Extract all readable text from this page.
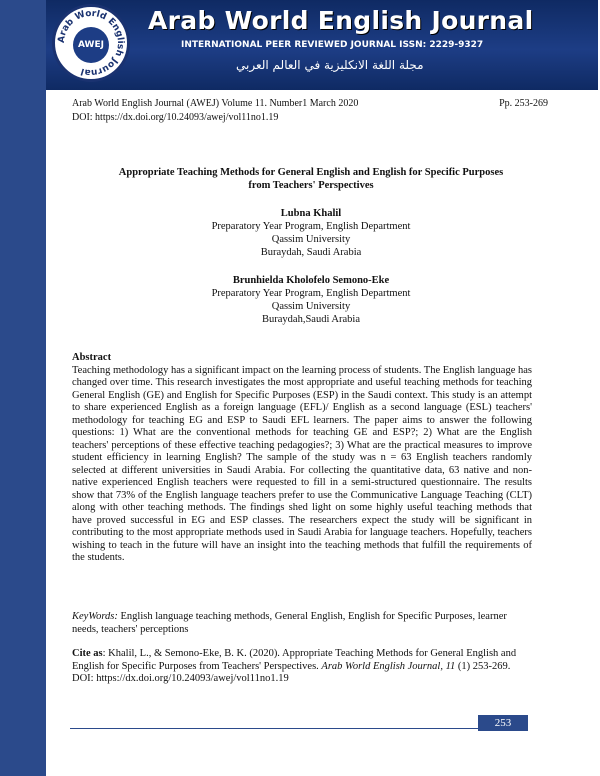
Arab World English Journal
AWEJ
Arab World English Journal
INTERNATIONAL PEER REVIEWED JOURNAL ISSN: 2229-9327
مجلة اللغة الانكليزية في العالم العربي
Arab World English Journal (AWEJ) Volume 11. Number1 March 2020	Pp. 253-269
DOI: https://dx.doi.org/10.24093/awej/vol11no1.19
Appropriate Teaching Methods for General English and English for Specific Purposes
from Teachers' Perspectives
Lubna Khalil
Preparatory Year Program, English Department
Qassim University
Buraydah, Saudi Arabia
Brunhielda Kholofelo Semono-Eke
Preparatory Year Program, English Department
Qassim University
Buraydah,Saudi Arabia
Abstract
Teaching methodology has a significant impact on the learning process of students. The English language has changed over time. This research investigates the most appropriate and useful teaching methods for teaching General English (GE) and English for Specific Purposes (ESP) in the Saudi context. This study is an attempt to share experienced English as a foreign language (EFL)/ English as a second language (ESL) teachers' methodology for teaching EG and ESP to Saudi EFL learners. The paper aims to answer the following questions: 1) What are the conventional methods for teaching GE and ESP?; 2) What are the English teachers' perceptions of these effective teaching pedagogies?; 3) What are the practical measures to improve student efficiency in learning English? The sample of the study was n = 63 English teachers randomly selected at different universities in Saudi Arabia. For collecting the quantitative data, 63 native and non-native experienced English teachers were requested to fill in a semi-structured questionnaire. The results show that 73% of the English language teachers prefer to use the Communicative Language Teaching (CLT) along with other teaching methods. The findings shed light on some highly useful teaching methods that have proved successful in EG and ESP classes. The researchers expect the study will be significant in contributing to the most appropriate methods used in Saudi Arabia for language teachers. Hopefully, teachers wishing to teach in the future will have an insight into the teaching methods that fulfill the requirements of the students.
KeyWords: English language teaching methods, General English, English for Specific Purposes, learner needs, teachers' perceptions
Cite as: Khalil, L., & Semono-Eke, B. K. (2020). Appropriate Teaching Methods for General English and English for Specific Purposes from Teachers' Perspectives. Arab World English Journal, 11 (1) 253-269.
DOI: https://dx.doi.org/10.24093/awej/vol11no1.19
253
